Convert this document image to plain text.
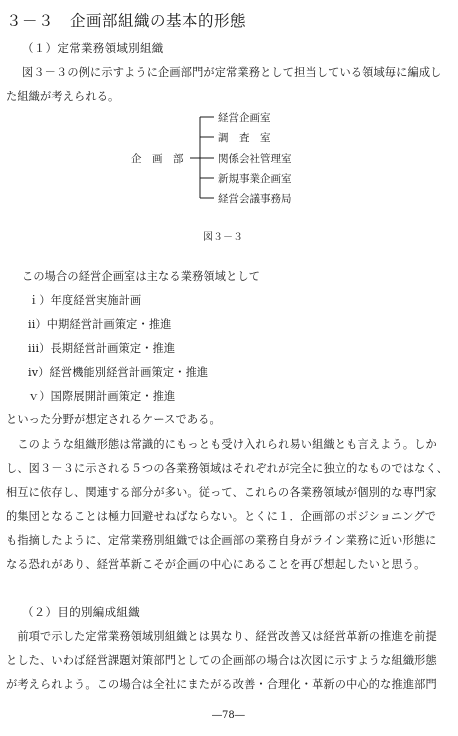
３－３　企画部組織の基本的形態
（１）定常業務領域別組織
図３－３の例に示すように企画部門が定常業務として担当している領域毎に編成し
た組織が考えられる。
企　画　部
経営企画室
調　査　室
関係会社管理室
新規事業企画室
経営会議事務局
図３－３
この場合の経営企画室は主なる業務領域として
ｉ）年度経営実施計画
ii）中期経営計画策定・推進
iii）長期経営計画策定・推進
iv）経営機能別経営計画策定・推進
ｖ）国際展開計画策定・推進
といった分野が想定されるケースである。
　このような組織形態は常識的にもっとも受け入れられ易い組織とも言えよう。しか
し、図３－３に示される５つの各業務領域はそれぞれが完全に独立的なものではなく、
相互に依存し、関連する部分が多い。従って、これらの各業務領域が個別的な専門家
的集団となることは極力回避せねばならない。とくに１．企画部のポジショニングで
も指摘したように、定常業務別組織では企画部の業務自身がライン業務に近い形態に
なる恐れがあり、経営革新こそが企画の中心にあることを再び想起したいと思う。
（２）目的別編成組織
　前項で示した定常業務領域別組織とは異なり、経営改善又は経営革新の推進を前提
とした、いわば経営課題対策部門としての企画部の場合は次図に示すような組織形態
が考えられよう。この場合は全社にまたがる改善・合理化・革新の中心的な推進部門
―78―
